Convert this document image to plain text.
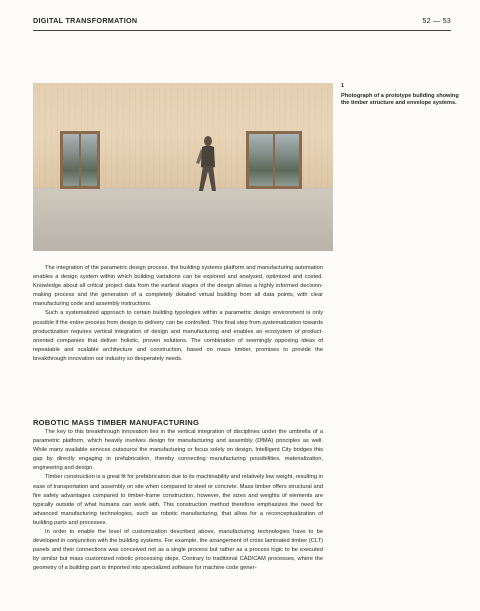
DIGITAL TRANSFORMATION	52 — 53
1
Photograph of a prototype building showing the timber structure and envelope systems.

The integration of the parametric design process, the building systems platform and manufacturing automation enables a design system within which building variations can be explored and analysed, optimized and costed. Knowledge about all critical project data from the earliest stages of the design allows a highly informed decision-making process and the generation of a completely detailed virtual building from all data points, with clear manufacturing code and assembly instructions.

Such a systematized approach to certain building typologies within a parametric design environment is only possible if the entire process from design to delivery can be controlled. This final step from systematization towards productization requires vertical integration of design and manufacturing and enables an ecosystem of product-oriented companies that deliver holistic, proven solutions. The combination of seemingly opposing ideas of repeatable and scalable architecture and construction, based on mass timber, promises to provide the breakthrough innovation our industry so desperately needs.

ROBOTIC MASS TIMBER MANUFACTURING

The key to this breakthrough innovation lies in the vertical integration of disciplines under the umbrella of a parametric platform, which heavily involves design for manufacturing and assembly (DfMA) principles as well. While many available services outsource the manufacturing or focus solely on design, Intelligent City bridges this gap by directly engaging in prefabrication, thereby connecting manufacturing possibilities, materialization, engineering and design.

Timber construction is a great fit for prefabrication due to its machinability and relatively low weight, resulting in ease of transportation and assembly on site when compared to steel or concrete. Mass timber offers structural and fire safety advantages compared to timber-frame construction, however, the sizes and weights of elements are typically outside of what humans can work with. This construction method therefore emphasizes the need for advanced manufacturing technologies, such as robotic manufacturing, that allow for a reconceptualization of building parts and processes.

In order to enable the level of customization described above, manufacturing technologies have to be developed in conjunction with the building systems. For example, the arrangement of cross laminated timber (CLT) panels and their connections was conceived not as a single process but rather as a process logic to be executed by similar but mass customized robotic processing steps. Contrary to traditional CAD/CAM processes, where the geometry of a building part is imported into specialized software for machine code gener-
